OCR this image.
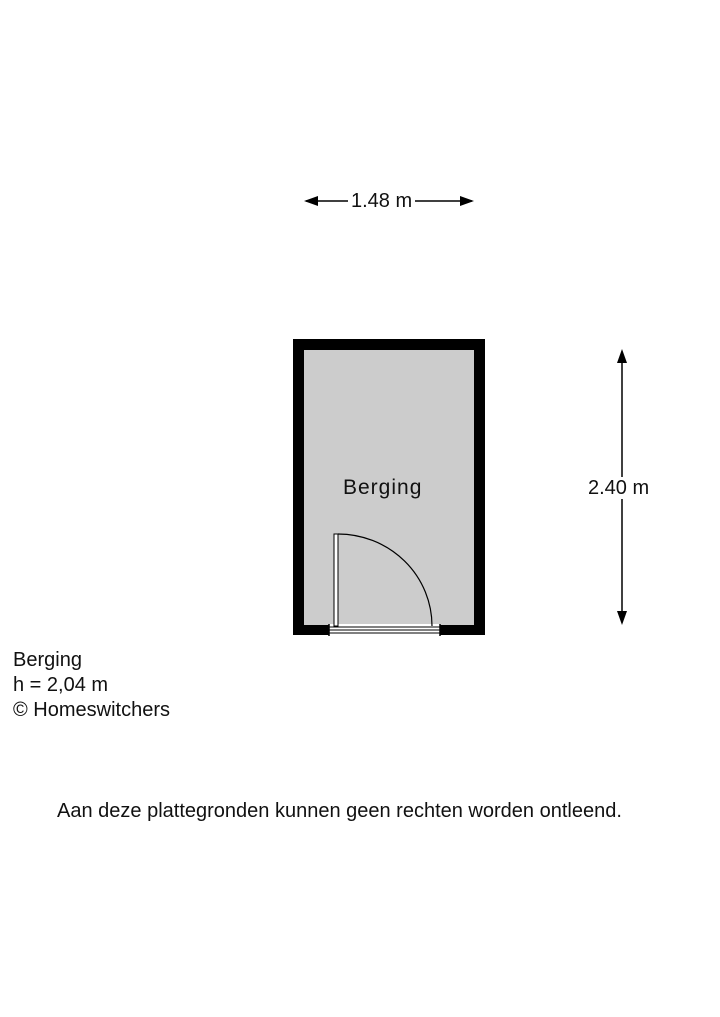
1.48 m
2.40 m
Berging
Berging
h = 2,04 m
© Homeswitchers
Aan deze plattegronden kunnen geen rechten worden ontleend.
